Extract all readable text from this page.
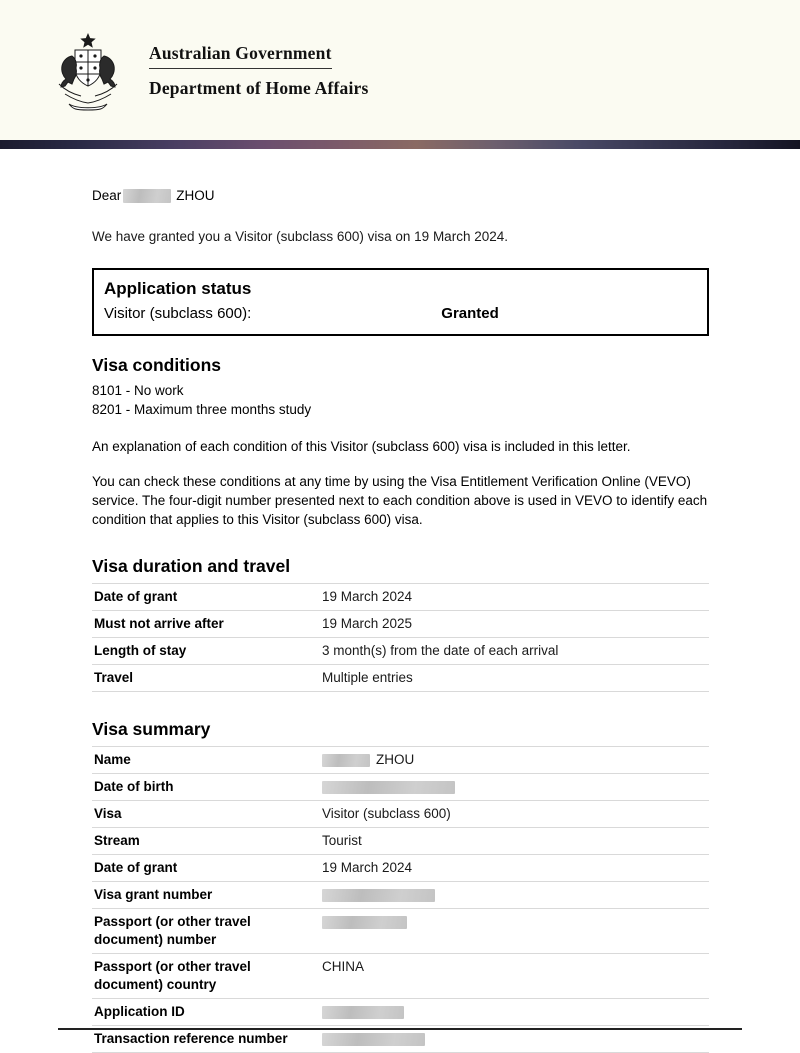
Australian Government
Department of Home Affairs
Dear	ZHOU

We have granted you a Visitor (subclass 600) visa on 19 March 2024.

Application status
Visitor (subclass 600):	Granted
Visa conditions
8101 - No work
8201 - Maximum three months study

An explanation of each condition of this Visitor (subclass 600) visa is included in this letter.

You can check these conditions at any time by using the Visa Entitlement Verification Online (VEVO) service. The four-digit number presented next to each condition above is used in VEVO to identify each condition that applies to this Visitor (subclass 600) visa.

Visa duration and travel
Date of grant	19 March 2024
Must not arrive after	19 March 2025
Length of stay	3 month(s) from the date of each arrival
Travel	Multiple entries
Visa summary
Name	ZHOU
Date of birth	
Visa	Visitor (subclass 600)
Stream	Tourist
Date of grant	19 March 2024
Visa grant number	
Passport (or other travel document) number	
Passport (or other travel document) country	CHINA
Application ID	
Transaction reference number	
